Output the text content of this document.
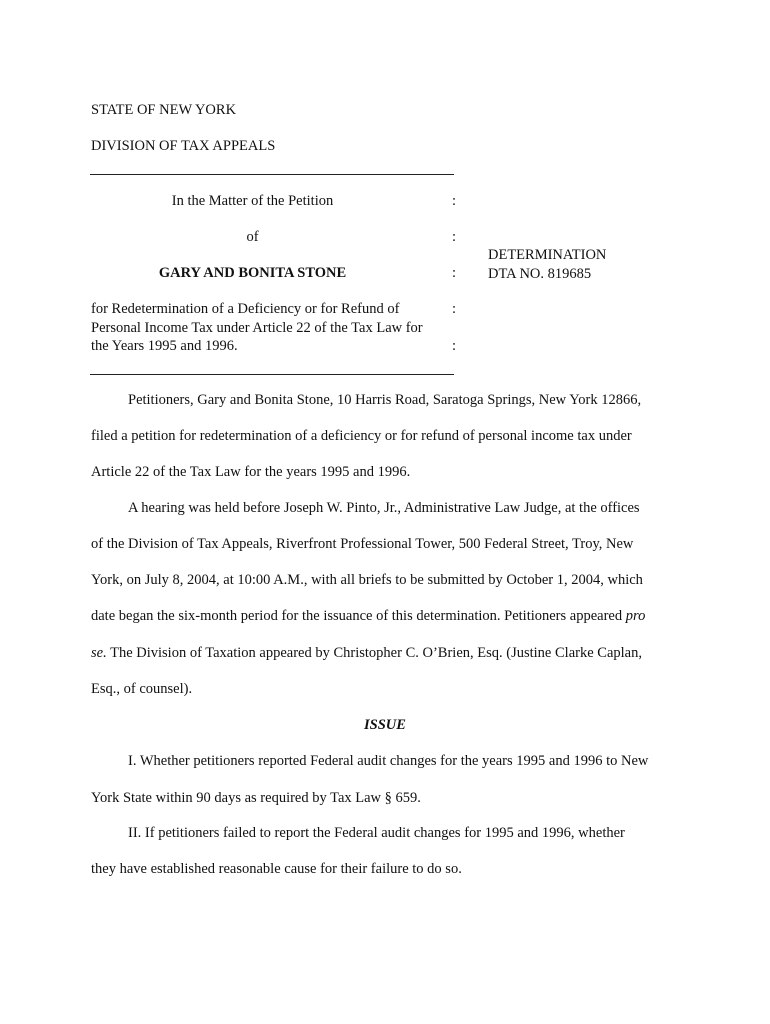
STATE OF NEW YORK
DIVISION OF TAX APPEALS
In the Matter of the Petition	:
of	:
GARY AND BONITA STONE	:
for Redetermination of a Deficiency or for Refund of	:
Personal Income Tax under Article 22 of the Tax Law for
the Years 1995 and 1996.	:
DETERMINATION
DTA NO. 819685
Petitioners, Gary and Bonita Stone, 10 Harris Road, Saratoga Springs, New York 12866,
filed a petition for redetermination of a deficiency or for refund of personal income tax under
Article 22 of the Tax Law for the years 1995 and 1996.
A hearing was held before Joseph W. Pinto, Jr., Administrative Law Judge, at the offices
of the Division of Tax Appeals, Riverfront Professional Tower, 500 Federal Street, Troy, New
York, on July 8, 2004, at 10:00 A.M., with all briefs to be submitted by October 1, 2004, which
date began the six-month period for the issuance of this determination. Petitioners appeared pro
se. The Division of Taxation appeared by Christopher C. O’Brien, Esq. (Justine Clarke Caplan,
Esq., of counsel).
ISSUE
I. Whether petitioners reported Federal audit changes for the years 1995 and 1996 to New
York State within 90 days as required by Tax Law § 659.
II. If petitioners failed to report the Federal audit changes for 1995 and 1996, whether
they have established reasonable cause for their failure to do so.
